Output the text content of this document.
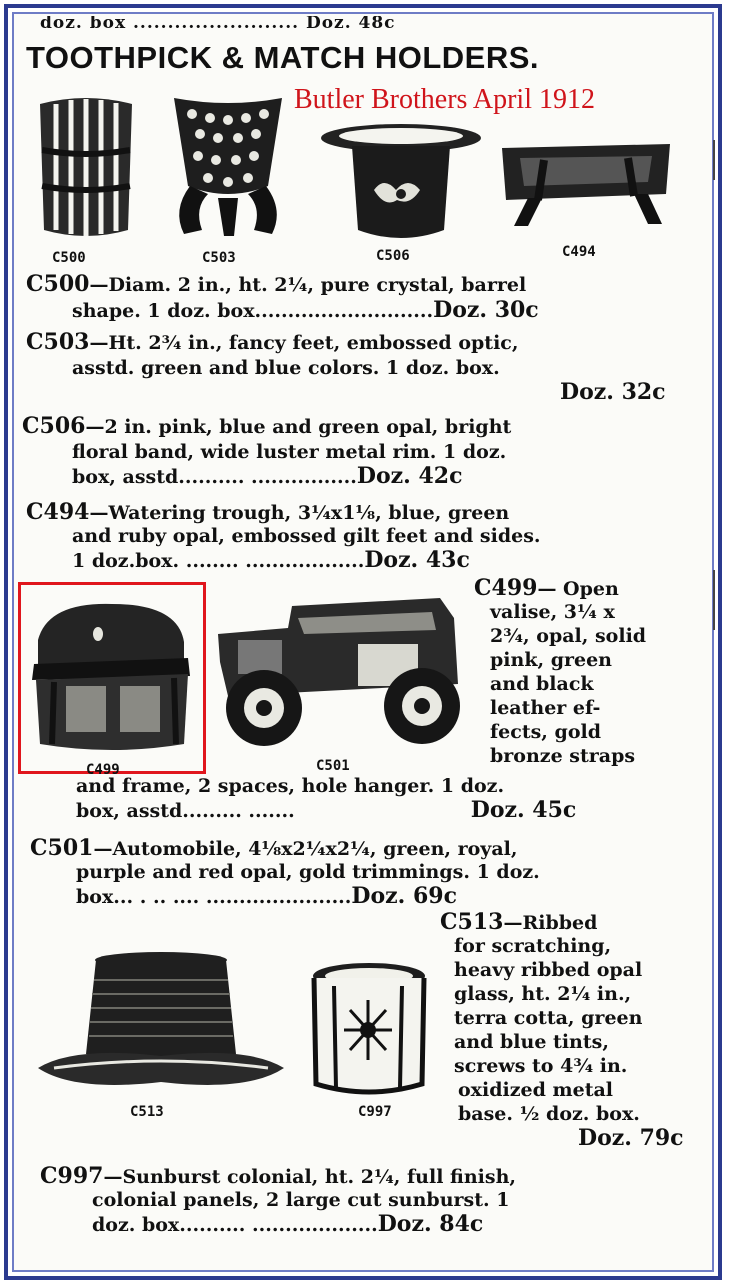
doz. box ........................ Doz. 48c
TOOTHPICK & MATCH HOLDERS.
Butler Brothers April 1912
C500	C503	C506	C494
C500—Diam. 2 in., ht. 2¼, pure crystal, barrel
shape. 1 doz. box...........................Doz. 30c
C503—Ht. 2¾ in., fancy feet, embossed optic,
asstd. green and blue colors. 1 doz. box.
Doz. 32c
C506—2 in. pink, blue and green opal, bright
floral band, wide luster metal rim. 1 doz.
box, asstd.......... ................Doz. 42c
C494—Watering trough, 3¼x1⅛, blue, green
and ruby opal, embossed gilt feet and sides.
1 doz.box. ........ ..................Doz. 43c
C499	C501
C499— Open
valise, 3¼ x
2¾, opal, solid
pink, green
and black
leather ef-
fects, gold
bronze straps
and frame, 2 spaces, hole hanger. 1 doz.
box, asstd......... .......	Doz. 45c
C501—Automobile, 4⅛x2¼x2¼, green, royal,
purple and red opal, gold trimmings. 1 doz.
box... . .. .... ......................Doz. 69c
C513	C997
C513—Ribbed
for scratching,
heavy ribbed opal
glass, ht. 2¼ in.,
terra cotta, green
and blue tints,
screws to 4¾ in.
oxidized metal
base. ½ doz. box.
Doz. 79c
C997—Sunburst colonial, ht. 2¼, full finish,
colonial panels, 2 large cut sunburst. 1
doz. box.......... ...................Doz. 84c
